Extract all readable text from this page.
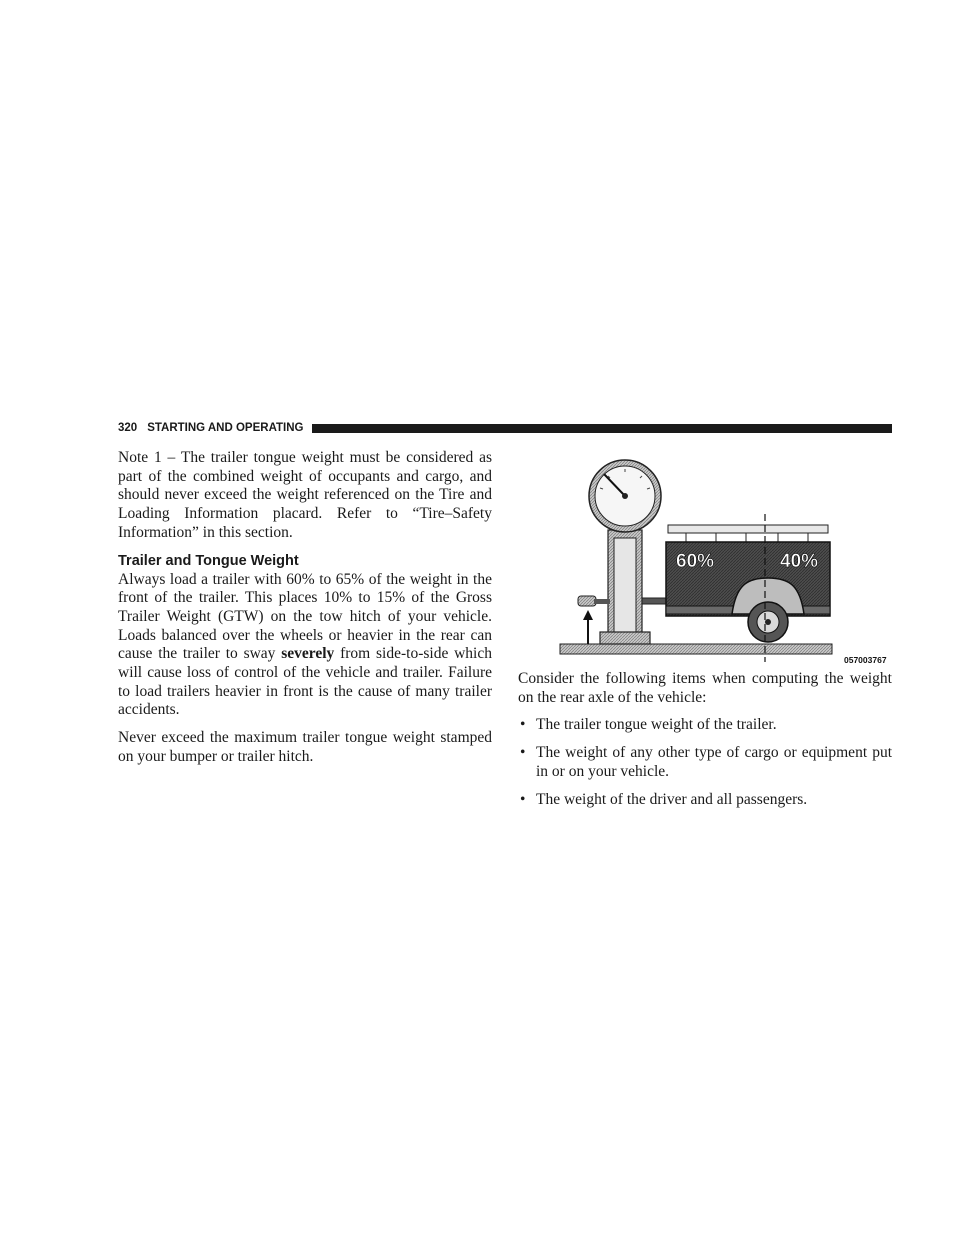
320 STARTING AND OPERATING

Note 1 – The trailer tongue weight must be considered as part of the combined weight of occupants and cargo, and should never exceed the weight referenced on the Tire and Loading Information placard. Refer to “Tire–Safety Information” in this section.

Trailer and Tongue Weight

Always load a trailer with 60% to 65% of the weight in the front of the trailer. This places 10% to 15% of the Gross Trailer Weight (GTW) on the tow hitch of your vehicle. Loads balanced over the wheels or heavier in the rear can cause the trailer to sway severely from side-to-side which will cause loss of control of the vehicle and trailer. Failure to load trailers heavier in front is the cause of many trailer accidents.

Never exceed the maximum trailer tongue weight stamped on your bumper or trailer hitch.

60%	40%
057003767

Consider the following items when computing the weight on the rear axle of the vehicle:

• The trailer tongue weight of the trailer.
• The weight of any other type of cargo or equipment put in or on your vehicle.
• The weight of the driver and all passengers.
